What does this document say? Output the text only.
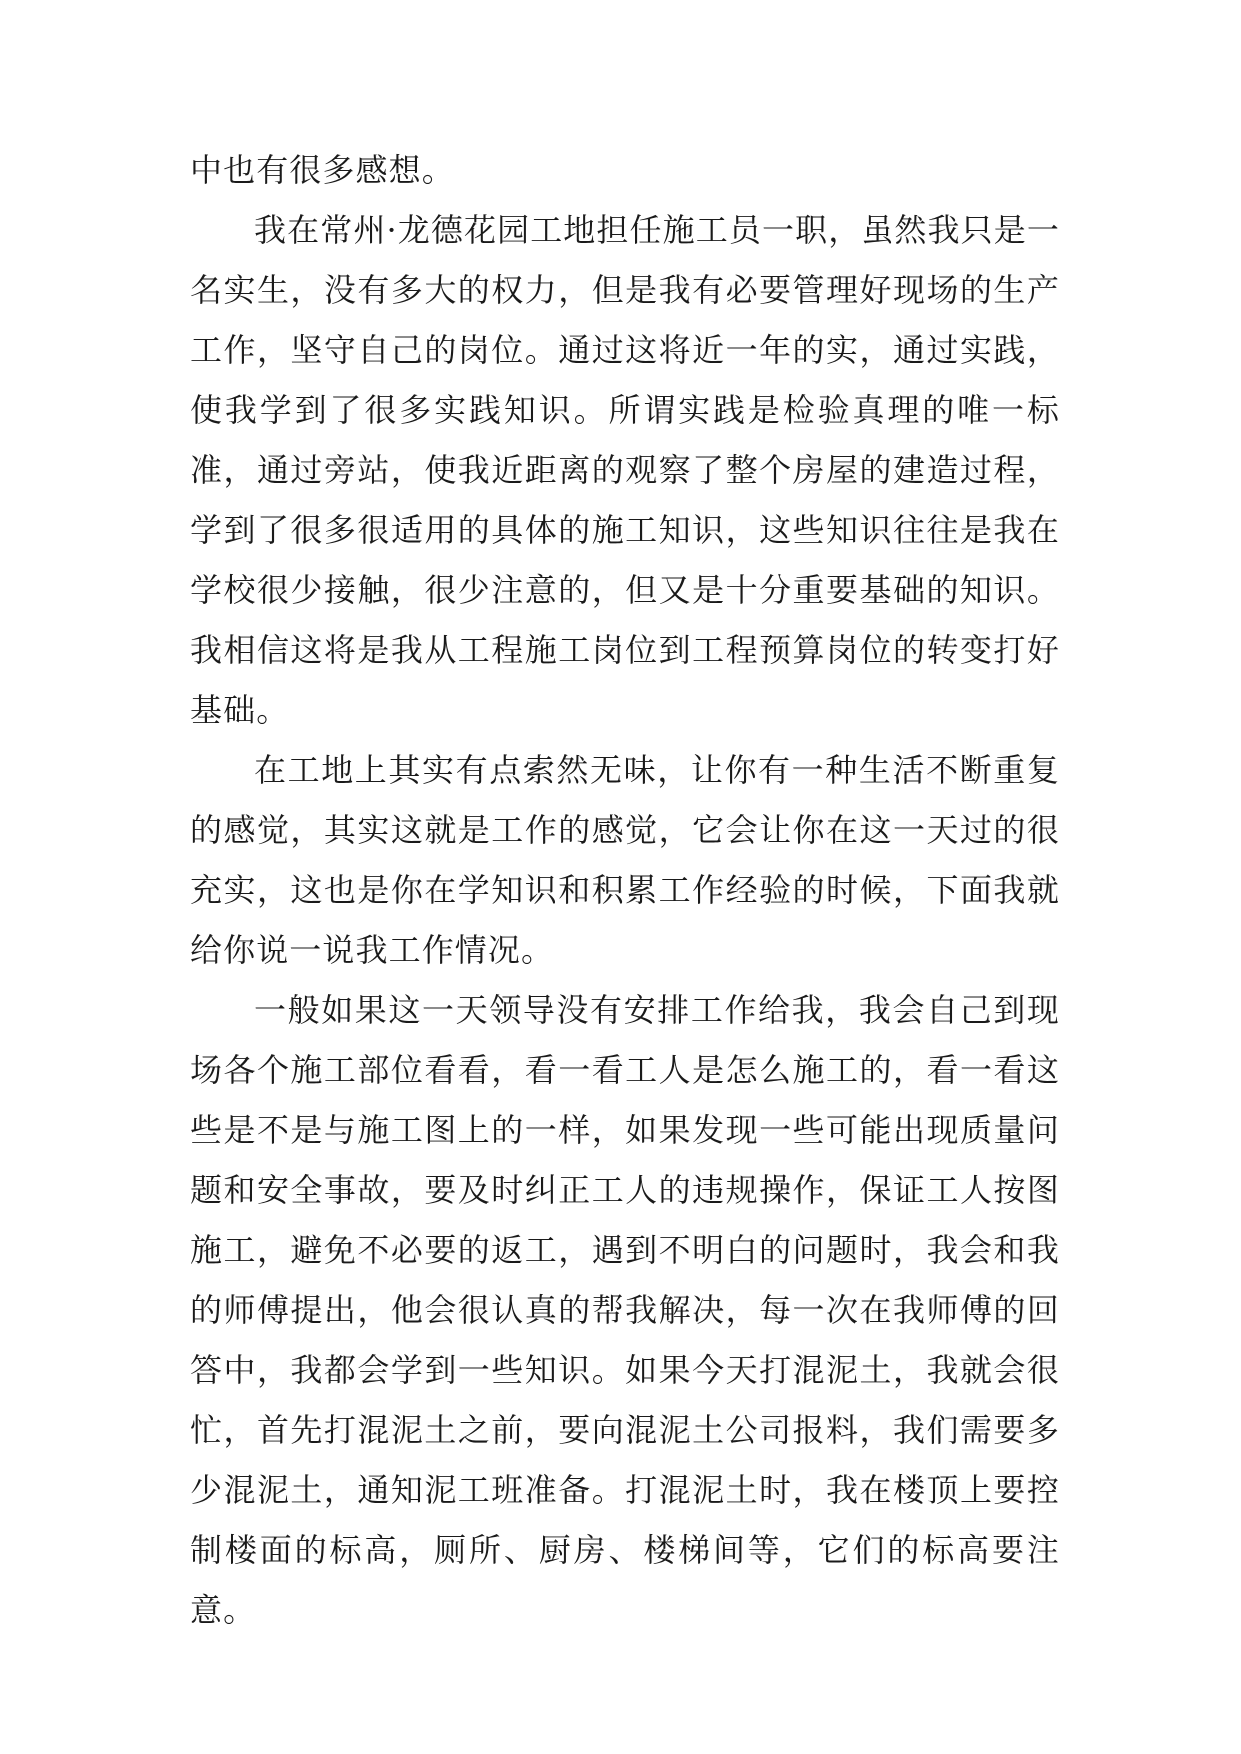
中也有很多感想。

我在常州·龙德花园工地担任施工员一职，虽然我只是一名实生，没有多大的权力，但是我有必要管理好现场的生产工作，坚守自己的岗位。通过这将近一年的实，通过实践，使我学到了很多实践知识。所谓实践是检验真理的唯一标准，通过旁站，使我近距离的观察了整个房屋的建造过程，学到了很多很适用的具体的施工知识，这些知识往往是我在学校很少接触，很少注意的，但又是十分重要基础的知识。我相信这将是我从工程施工岗位到工程预算岗位的转变打好基础。

在工地上其实有点索然无味，让你有一种生活不断重复的感觉，其实这就是工作的感觉，它会让你在这一天过的很充实，这也是你在学知识和积累工作经验的时候，下面我就给你说一说我工作情况。

一般如果这一天领导没有安排工作给我，我会自己到现场各个施工部位看看，看一看工人是怎么施工的，看一看这些是不是与施工图上的一样，如果发现一些可能出现质量问题和安全事故，要及时纠正工人的违规操作，保证工人按图施工，避免不必要的返工，遇到不明白的问题时，我会和我的师傅提出，他会很认真的帮我解决，每一次在我师傅的回答中，我都会学到一些知识。如果今天打混泥土，我就会很忙，首先打混泥土之前，要向混泥土公司报料，我们需要多少混泥土，通知泥工班准备。打混泥土时，我在楼顶上要控制楼面的标高，厕所、厨房、楼梯间等，它们的标高要注意。
